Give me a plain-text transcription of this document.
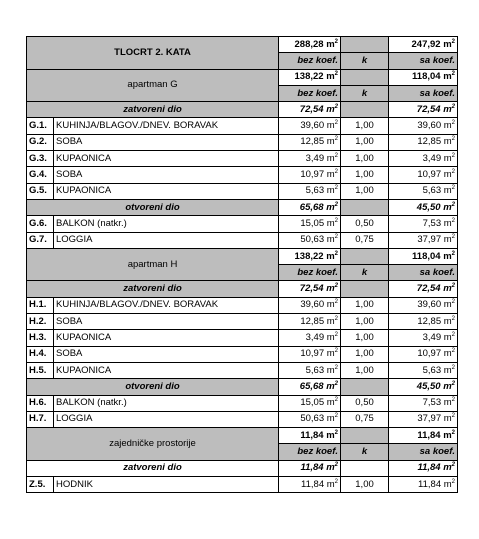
TLOCRT 2. KATA		288,28 $m^2$		247,92 $m^2$
		bez koef.	k	sa koef.
apartman G		138,22 $m^2$		118,04 $m^2$
		bez koef.	k	sa koef.
zatvoreni dio		72,54 $m^2$		72,54 $m^2$
G.1.	KUHINJA/BLAGOV./DNEV. BORAVAK	39,60 $m^2$	1,00	39,60 $m^2$
G.2.	SOBA	12,85 $m^2$	1,00	12,85 $m^2$
G.3.	KUPAONICA	3,49 $m^2$	1,00	3,49 $m^2$
G.4.	SOBA	10,97 $m^2$	1,00	10,97 $m^2$
G.5.	KUPAONICA	5,63 $m^2$	1,00	5,63 $m^2$
otvoreni dio		65,68 $m^2$		45,50 $m^2$
G.6.	BALKON (natkr.)	15,05 $m^2$	0,50	7,53 $m^2$
G.7.	LOGGIA	50,63 $m^2$	0,75	37,97 $m^2$
apartman H		138,22 $m^2$		118,04 $m^2$
		bez koef.	k	sa koef.
zatvoreni dio		72,54 $m^2$		72,54 $m^2$
H.1.	KUHINJA/BLAGOV./DNEV. BORAVAK	39,60 $m^2$	1,00	39,60 $m^2$
H.2.	SOBA	12,85 $m^2$	1,00	12,85 $m^2$
H.3.	KUPAONICA	3,49 $m^2$	1,00	3,49 $m^2$
H.4.	SOBA	10,97 $m^2$	1,00	10,97 $m^2$
H.5.	KUPAONICA	5,63 $m^2$	1,00	5,63 $m^2$
otvoreni dio		65,68 $m^2$		45,50 $m^2$
H.6.	BALKON (natkr.)	15,05 $m^2$	0,50	7,53 $m^2$
H.7.	LOGGIA	50,63 $m^2$	0,75	37,97 $m^2$
zajedničke prostorije		11,84 $m^2$		11,84 $m^2$
		bez koef.	k	sa koef.
zatvoreni dio		11,84 $m^2$		11,84 $m^2$
Z.5.	HODNIK	11,84 $m^2$	1,00	11,84 $m^2$
